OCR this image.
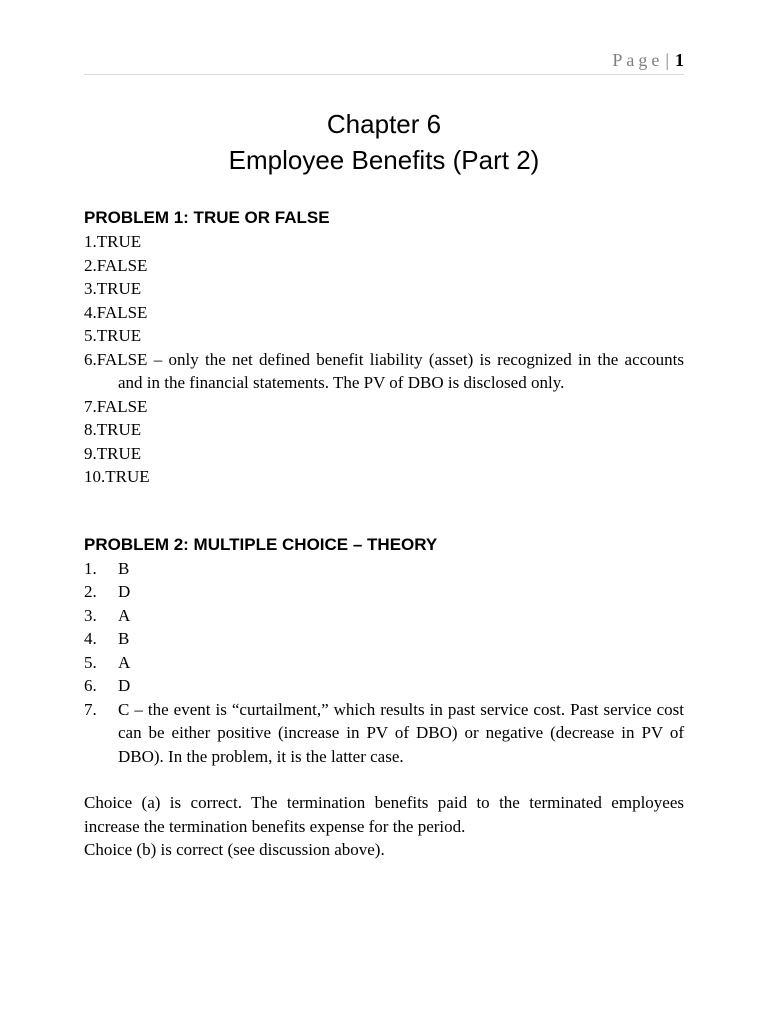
Page | 1
Chapter 6
Employee Benefits (Part 2)
PROBLEM 1: TRUE OR FALSE
1.TRUE
2.FALSE
3.TRUE
4.FALSE
5.TRUE
6.FALSE – only the net defined benefit liability (asset) is recognized in the accounts and in the financial statements. The PV of DBO is disclosed only.
7.FALSE
8.TRUE
9.TRUE
10.TRUE
PROBLEM 2: MULTIPLE CHOICE – THEORY
1.	B
2.	D
3.	A
4.	B
5.	A
6.	D
7.	C – the event is “curtailment,” which results in past service cost. Past service cost can be either positive (increase in PV of DBO) or negative (decrease in PV of DBO). In the problem, it is the latter case.
Choice (a) is correct. The termination benefits paid to the terminated employees increase the termination benefits expense for the period.
Choice (b) is correct (see discussion above).
